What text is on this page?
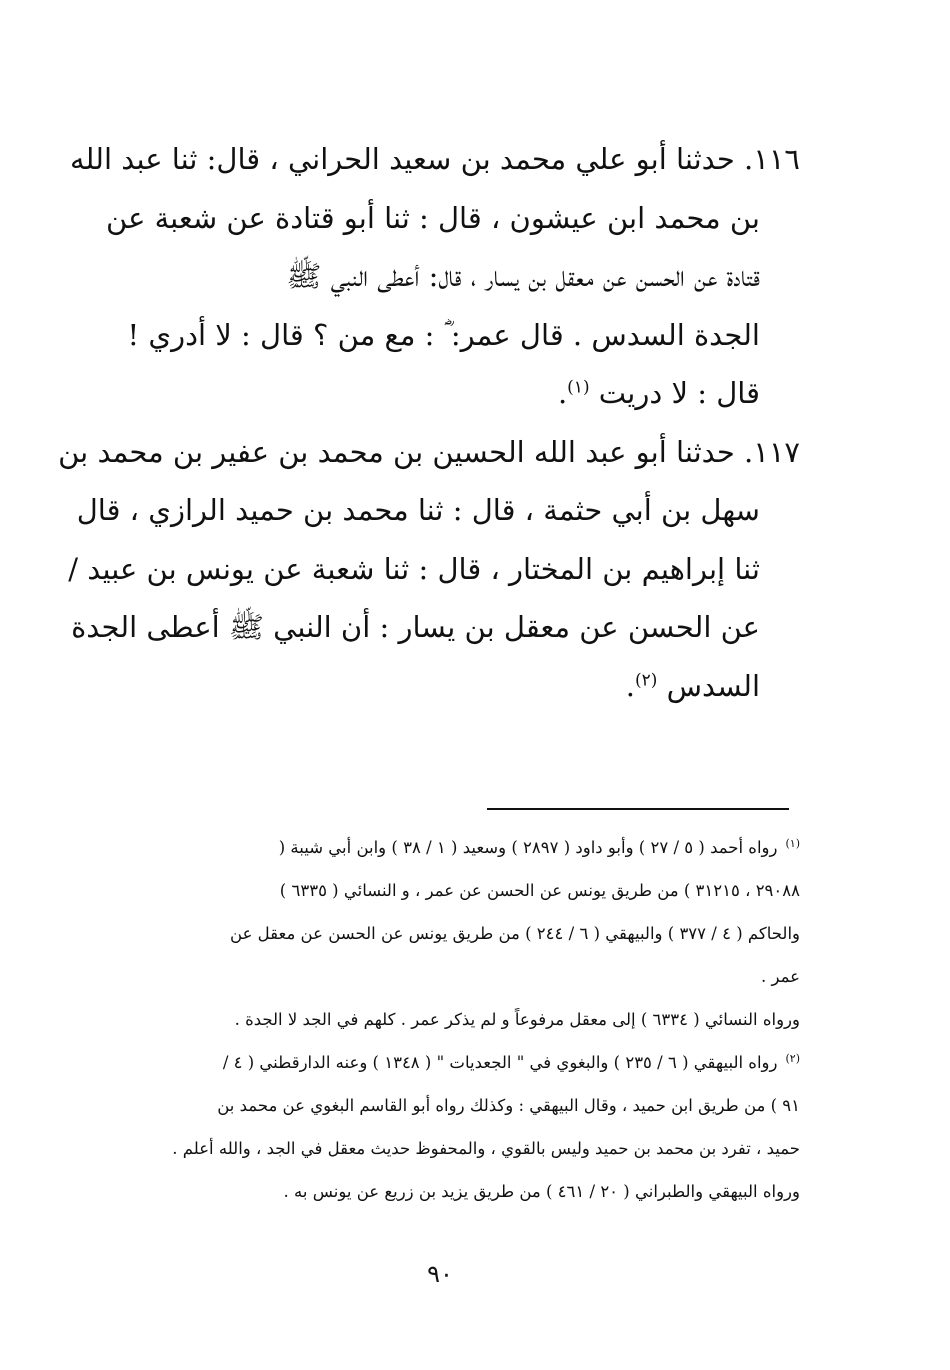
١١٦. حدثنا أبو علي محمد بن سعيد الحراني ، قال: ثنا عبد الله
بن محمد ابن عيشون ، قال : ثنا أبو قتادة عن شعبة عن
قتادة عن الحسن عن معقل بن يسار ، قال: أعطى النبي ﷺ
الجدة السدس . قال عمر: ؓ : مع من ؟ قال : لا أدري !
قال : لا دريت $^{(١)}$.
١١٧. حدثنا أبو عبد الله الحسين بن محمد بن عفير بن محمد بن
سهل بن أبي حثمة ، قال : ثنا محمد بن حميد الرازي ، قال
ثنا إبراهيم بن المختار ، قال : ثنا شعبة عن يونس بن عبيد /
عن الحسن عن معقل بن يسار : أن النبي ﷺ أعطى الجدة
السدس $^{(٢)}$.
$^{(١)}$رواه أحمد ( ٥ / ٢٧ ) وأبو داود ( ٢٨٩٧ ) وسعيد ( ١ / ٣٨ ) وابن أبي شيبة (
٢٩٠٨٨ ، ٣١٢١٥ ) من طريق يونس عن الحسن عن عمر ، و النسائي ( ٦٣٣٥ )
والحاكم ( ٤ / ٣٧٧ ) والبيهقي ( ٦ / ٢٤٤ ) من طريق يونس عن الحسن عن معقل عن
عمر .
ورواه النسائي ( ٦٣٣٤ ) إلى معقل مرفوعاً و لم يذكر عمر . كلهم في الجد لا الجدة .
$^{(٢)}$رواه البيهقي ( ٦ / ٢٣٥ ) والبغوي في " الجعديات " ( ١٣٤٨ ) وعنه الدارقطني ( ٤ /
٩١ ) من طريق ابن حميد ، وقال البيهقي : وكذلك رواه أبو القاسم البغوي عن محمد بن
حميد ، تفرد بن محمد بن حميد وليس بالقوي ، والمحفوظ حديث معقل في الجد ، والله أعلم .
ورواه البيهقي والطبراني ( ٢٠ / ٤٦١ ) من طريق يزيد بن زريع عن يونس به .
٩٠
